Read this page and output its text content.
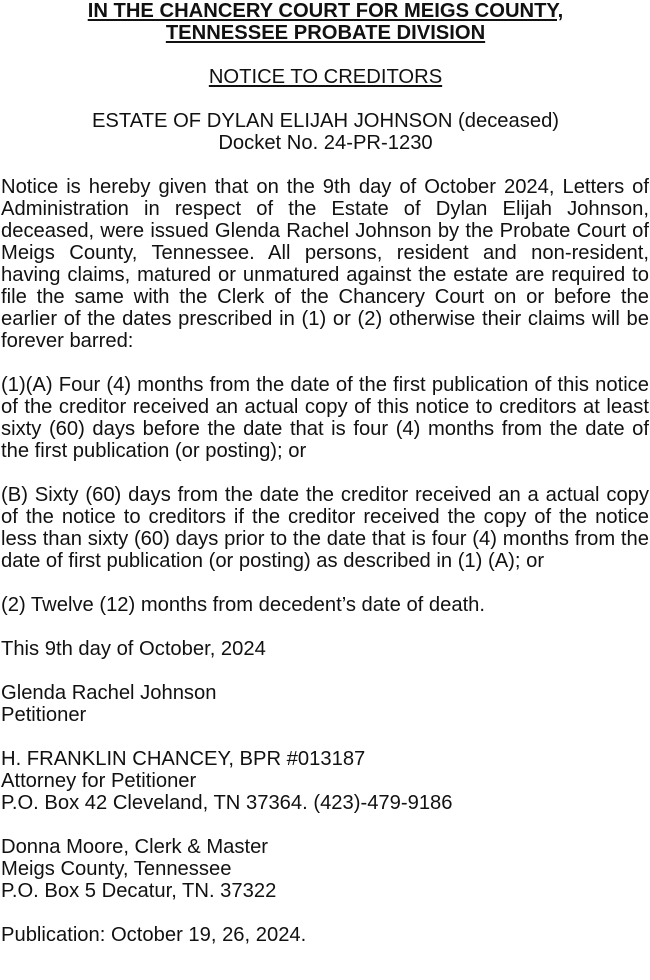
IN THE CHANCERY COURT FOR MEIGS COUNTY,
TENNESSEE PROBATE DIVISION
NOTICE TO CREDITORS
ESTATE OF DYLAN ELIJAH JOHNSON (deceased)
Docket No. 24-PR-1230

Notice is hereby given that on the 9th day of October 2024, Letters of Administration in respect of the Estate of Dylan Elijah Johnson, deceased, were issued Glenda Rachel Johnson by the Probate Court of Meigs County, Tennessee. All persons, resident and non-resident, having claims, matured or unmatured against the estate are required to file the same with the Clerk of the Chancery Court on or before the earlier of the dates prescribed in (1) or (2) otherwise their claims will be forever barred:

(1)(A) Four (4) months from the date of the first publication of this notice of the creditor received an actual copy of this notice to creditors at least sixty (60) days before the date that is four (4) months from the date of the first publication (or posting); or

(B) Sixty (60) days from the date the creditor received an a actual copy of the notice to creditors if the creditor received the copy of the notice less than sixty (60) days prior to the date that is four (4) months from the date of first publication (or posting) as described in (1) (A); or

(2) Twelve (12) months from decedent’s date of death.

This 9th day of October, 2024

Glenda Rachel Johnson
Petitioner
H. FRANKLIN CHANCEY, BPR #013187
Attorney for Petitioner
P.O. Box 42 Cleveland, TN 37364. (423)-479-9186
Donna Moore, Clerk & Master
Meigs County, Tennessee
P.O. Box 5 Decatur, TN. 37322

Publication: October 19, 26, 2024.
